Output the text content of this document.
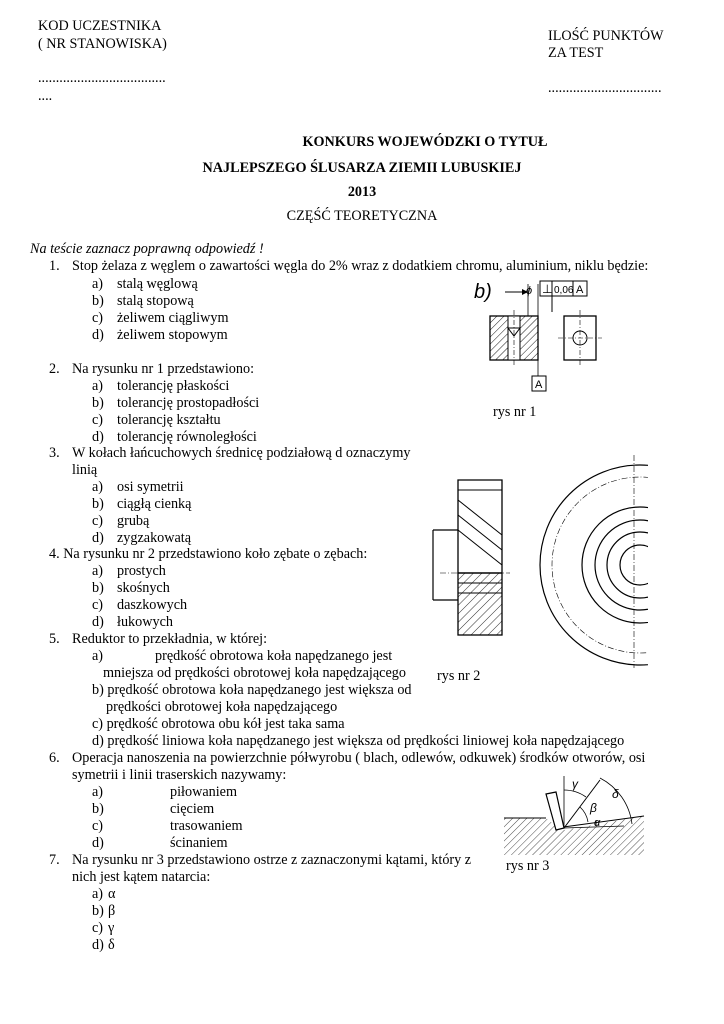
KOD UCZESTNIKA
( NR STANOWISKA)
....................................
....
ILOŚĆ PUNKTÓW
ZA TEST
................................
KONKURS WOJEWÓDZKI O TYTUŁ
NAJLEPSZEGO ŚLUSARZA ZIEMII LUBUSKIEJ
2013
CZĘŚĆ TEORETYCZNA
Na teście zaznacz poprawną odpowiedź !
1. Stop żelaza z węglem o zawartości węgla do 2% wraz z dodatkiem chromu, aluminium, niklu będzie:
a) stalą węglową
b) stalą stopową
c) żeliwem ciągliwym
d) żeliwem stopowym
2. Na rysunku nr 1 przedstawiono:
a) tolerancję płaskości
b) tolerancję prostopadłości
c) tolerancję kształtu
d) tolerancję równoległości
3. W kołach łańcuchowych średnicę podziałową d oznaczymy
linią
a) osi symetrii
b) ciągłą cienką
c) grubą
d) zygzakowatą
4. Na rysunku nr 2 przedstawiono koło zębate o zębach:
a) prostych
b) skośnych
c) daszkowych
d) łukowych
5. Reduktor to przekładnia, w której:
a)	prędkość obrotowa koła napędzanego jest
mniejsza od prędkości obrotowej koła napędzającego
b) prędkość obrotowa koła napędzanego jest większa od
prędkości obrotowej koła napędzającego
c) prędkość obrotowa obu kół jest taka sama
d) prędkość liniowa koła napędzanego jest większa od prędkości liniowej koła napędzającego
6. Operacja nanoszenia na powierzchnie półwyrobu ( blach, odlewów, odkuwek) środków otworów, osi
symetrii i linii traserskich nazywamy:
a)	piłowaniem
b)	cięciem
c)	trasowaniem
d)	ścinaniem
7. Na rysunku nr 3 przedstawiono ostrze z zaznaczonymi kątami, który z
nich jest kątem natarcia:
a) α
b) β
c) γ
d) δ
b)	ϕ ⊥ 0,06 A
A
rys nr 1
rys nr 2
γ
β
α
δ
rys nr 3
